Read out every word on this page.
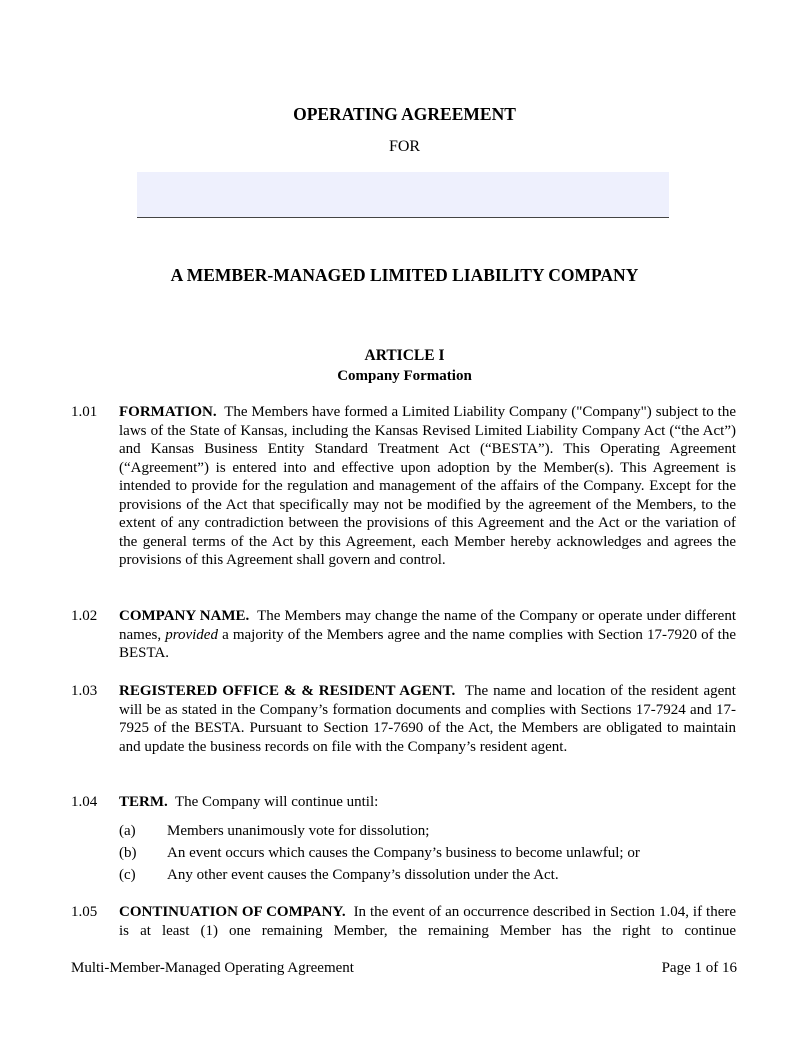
OPERATING AGREEMENT
FOR
A MEMBER-MANAGED LIMITED LIABILITY COMPANY
ARTICLE I
Company Formation
1.01 FORMATION. The Members have formed a Limited Liability Company ("Company") subject to the laws of the State of Kansas, including the Kansas Revised Limited Liability Company Act (“the Act”) and Kansas Business Entity Standard Treatment Act (“BESTA”). This Operating Agreement (“Agreement”) is entered into and effective upon adoption by the Member(s). This Agreement is intended to provide for the regulation and management of the affairs of the Company. Except for the provisions of the Act that specifically may not be modified by the agreement of the Members, to the extent of any contradiction between the provisions of this Agreement and the Act or the variation of the general terms of the Act by this Agreement, each Member hereby acknowledges and agrees the provisions of this Agreement shall govern and control.
1.02 COMPANY NAME. The Members may change the name of the Company or operate under different names, provided a majority of the Members agree and the name complies with Section 17-7920 of the BESTA.
1.03 REGISTERED OFFICE & & RESIDENT AGENT. The name and location of the resident agent will be as stated in the Company’s formation documents and complies with Sections 17-7924 and 17-7925 of the BESTA. Pursuant to Section 17-7690 of the Act, the Members are obligated to maintain and update the business records on file with the Company’s resident agent.
1.04 TERM. The Company will continue until:
(a) Members unanimously vote for dissolution;
(b) An event occurs which causes the Company’s business to become unlawful; or
(c) Any other event causes the Company’s dissolution under the Act.
1.05 CONTINUATION OF COMPANY. In the event of an occurrence described in Section 1.04, if there is at least (1) one remaining Member, the remaining Member has the right to continue
Multi-Member-Managed Operating Agreement	Page 1 of 16
